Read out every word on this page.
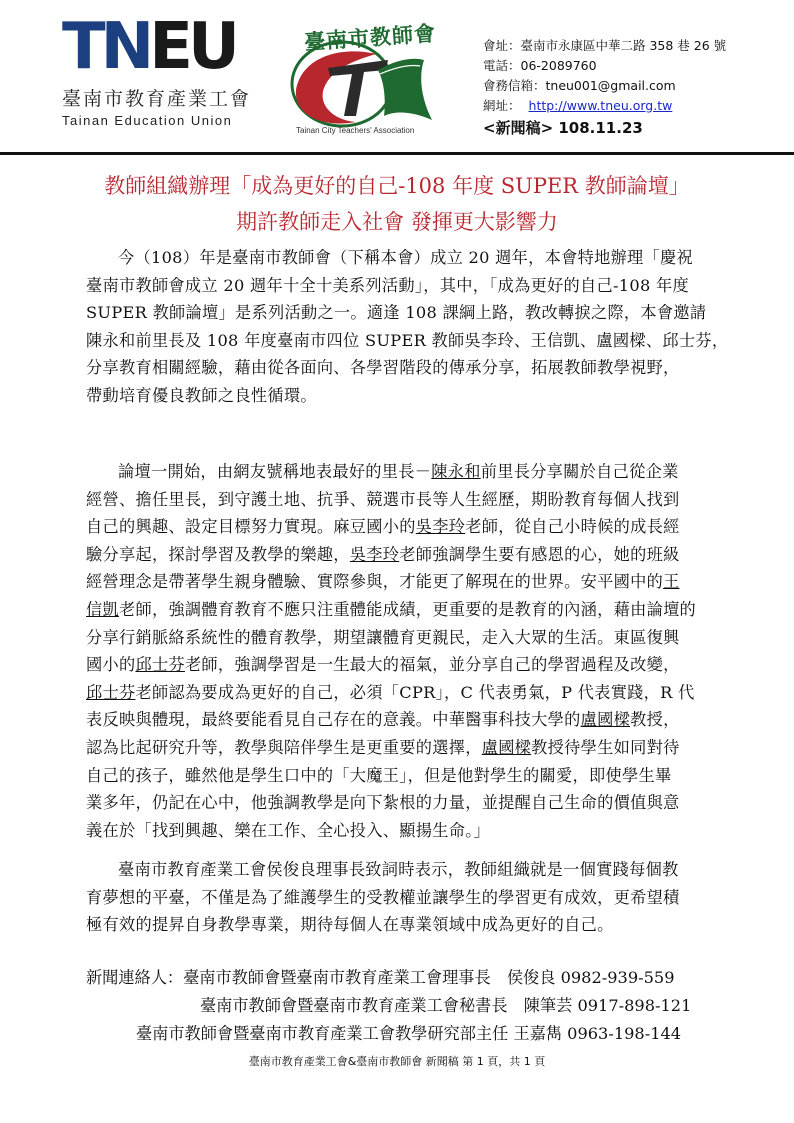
TNEU
臺南市教育產業工會
Tainan Education Union
臺南市教師會
Tainan City Teachers' Association
會址：臺南市永康區中華二路 358 巷 26 號
電話：06-2089760
會務信箱：tneu001@gmail.com
網址： http://www.tneu.org.tw
<新聞稿> 108.11.23
教師組織辦理「成為更好的自己-108 年度 SUPER 教師論壇」
期許教師走入社會 發揮更大影響力
今（108）年是臺南市教師會（下稱本會）成立 20 週年，本會特地辦理「慶祝
臺南市教師會成立 20 週年十全十美系列活動」，其中，「成為更好的自己-108 年度
SUPER 教師論壇」是系列活動之一。適逢 108 課綱上路，教改轉捩之際，本會邀請
陳永和前里長及 108 年度臺南市四位 SUPER 教師吳李玲、王信凱、盧國樑、邱士芬，
分享教育相關經驗，藉由從各面向、各學習階段的傳承分享，拓展教師教學視野，
帶動培育優良教師之良性循環。
論壇一開始，由網友號稱地表最好的里長－陳永和前里長分享關於自己從企業
經營、擔任里長，到守護土地、抗爭、競選市長等人生經歷，期盼教育每個人找到
自己的興趣、設定目標努力實現。麻豆國小的吳李玲老師，從自己小時候的成長經
驗分享起，探討學習及教學的樂趣，吳李玲老師強調學生要有感恩的心，她的班級
經營理念是帶著學生親身體驗、實際參與，才能更了解現在的世界。安平國中的王
信凱老師，強調體育教育不應只注重體能成績，更重要的是教育的內涵，藉由論壇的
分享行銷脈絡系統性的體育教學，期望讓體育更親民，走入大眾的生活。東區復興
國小的邱士芬老師，強調學習是一生最大的福氣，並分享自己的學習過程及改變，
邱士芬老師認為要成為更好的自己，必須「CPR」，C 代表勇氣，P 代表實踐，R 代
表反映與體現，最終要能看見自己存在的意義。中華醫事科技大學的盧國樑教授，
認為比起研究升等，教學與陪伴學生是更重要的選擇，盧國樑教授待學生如同對待
自己的孩子，雖然他是學生口中的「大魔王」，但是他對學生的關愛，即使學生畢
業多年，仍記在心中，他強調教學是向下紮根的力量，並提醒自己生命的價值與意
義在於「找到興趣、樂在工作、全心投入、顯揚生命。」
臺南市教育產業工會侯俊良理事長致詞時表示，教師組織就是一個實踐每個教
育夢想的平臺，不僅是為了維護學生的受教權並讓學生的學習更有成效，更希望積
極有效的提昇自身教學專業，期待每個人在專業領域中成為更好的自己。
新聞連絡人：臺南市教師會暨臺南市教育產業工會理事長　侯俊良 0982-939-559
臺南市教師會暨臺南市教育產業工會秘書長　陳筆芸 0917-898-121
臺南市教師會暨臺南市教育產業工會教學研究部主任 王嘉雋 0963-198-144
臺南市教育產業工會&臺南市教師會 新聞稿 第 1 頁，共 1 頁
